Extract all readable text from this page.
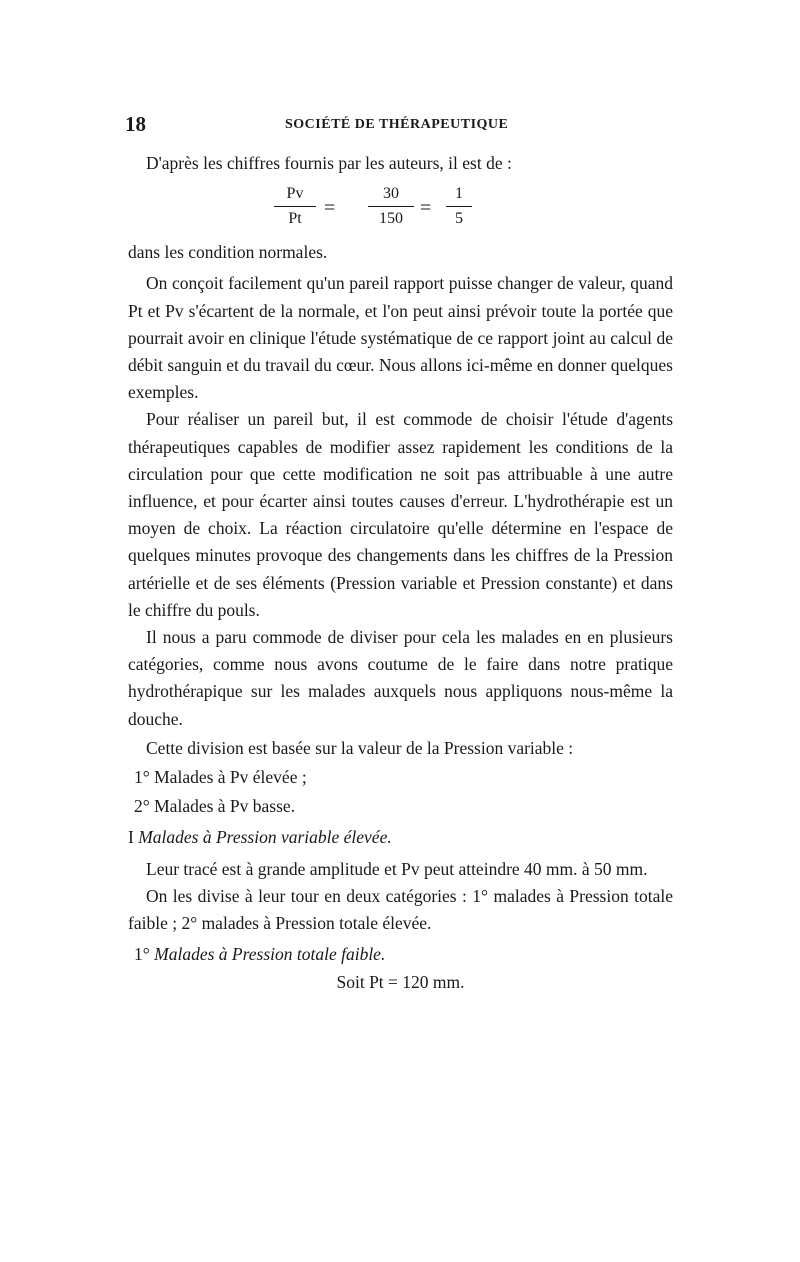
18	SOCIÉTÉ DE THÉRAPEUTIQUE

D'après les chiffres fournis par les auteurs, il est de :

$\frac{Pv}{Pt} = \frac{30}{150} = \frac{1}{5}$

dans les condition normales.

On conçoit facilement qu'un pareil rapport puisse changer de valeur, quand Pt et Pv s'écartent de la normale, et l'on peut ainsi prévoir toute la portée que pourrait avoir en clinique l'étude systématique de ce rapport joint au calcul de débit sanguin et du travail du cœur. Nous allons ici-même en donner quelques exemples.

Pour réaliser un pareil but, il est commode de choisir l'étude d'agents thérapeutiques capables de modifier assez rapidement les conditions de la circulation pour que cette modification ne soit pas attribuable à une autre influence, et pour écarter ainsi toutes causes d'erreur. L'hydrothérapie est un moyen de choix. La réaction circulatoire qu'elle détermine en l'espace de quelques minutes provoque des changements dans les chiffres de la Pression artérielle et de ses éléments (Pression variable et Pression constante) et dans le chiffre du pouls.

Il nous a paru commode de diviser pour cela les malades en en plusieurs catégories, comme nous avons coutume de le faire dans notre pratique hydrothérapique sur les malades auxquels nous appliquons nous-même la douche.

Cette division est basée sur la valeur de la Pression variable :

1° Malades à Pv élevée ;

2° Malades à Pv basse.

I Malades à Pression variable élevée.

Leur tracé est à grande amplitude et Pv peut atteindre 40 mm. à 50 mm.

On les divise à leur tour en deux catégories : 1° malades à Pression totale faible ; 2° malades à Pression totale élevée.

1° Malades à Pression totale faible.

Soit Pt = 120 mm.
